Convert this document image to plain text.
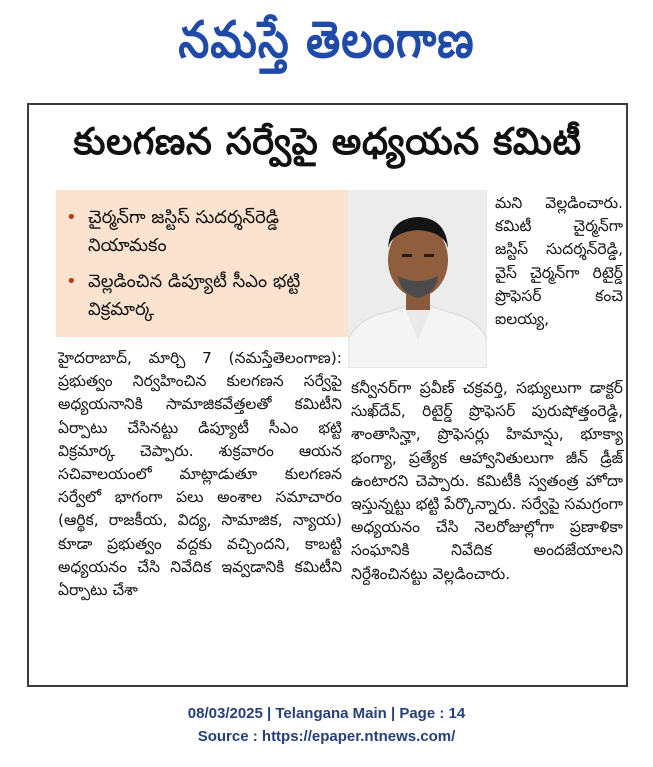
నమస్తే తెలంగాణ
కులగణన సర్వేపై అధ్యయన కమిటీ
• చైర్మన్‌గా జస్టిస్ సుదర్శన్‌రెడ్డి నియామకం
• వెల్లడించిన డిప్యూటీ సీఎం భట్టి విక్రమార్క
హైదరాబాద్, మార్చి 7 (నమస్తేతెలంగాణ): ప్రభుత్వం నిర్వహించిన కులగణన సర్వేపై అధ్యయనానికి సామాజికవేత్తలతో కమిటీని ఏర్పాటు చేసినట్టు డిప్యూటీ సీఎం భట్టి విక్రమార్క చెప్పారు. శుక్రవారం ఆయన సచివాలయంలో మాట్లాడుతూ కులగణన సర్వేలో భాగంగా పలు అంశాల సమాచారం (ఆర్థిక, రాజకీయ, విద్య, సామాజిక, న్యాయ) కూడా ప్రభుత్వం వద్దకు వచ్చిందని, కాబట్టి అధ్యయనం చేసి నివేదిక ఇవ్వడానికి కమిటీని ఏర్పాటు చేశా
మని వెల్లడించారు. కమిటీ చైర్మన్‌గా జస్టిస్ సుదర్శన్‌రెడ్డి, వైస్ చైర్మన్‌గా రిటైర్డ్ ప్రొఫెసర్ కంచె ఐలయ్య,
కన్వీనర్‌గా ప్రవీణ్ చక్రవర్తి, సభ్యులుగా డాక్టర్ సుఖ్‌దేవ్, రిటైర్డ్ ప్రొఫెసర్ పురుషోత్తంరెడ్డి, శాంతాసిన్హా, ప్రొఫెసర్లు హిమాన్షు, భూక్యా భంగ్యా, ప్రత్యేక ఆహ్వానితులుగా జీన్ డ్రీజ్ ఉంటారని చెప్పారు. కమిటీకి స్వతంత్ర హోదా ఇస్తున్నట్టు భట్టి పేర్కొన్నారు. సర్వేపై సమగ్రంగా అధ్యయనం చేసి నెలరోజుల్లోగా ప్రణాళికా సంఘానికి నివేదిక అందజేయాలని నిర్దేశించినట్టు వెల్లడించారు.
08/03/2025 | Telangana Main | Page : 14
Source : https://epaper.ntnews.com/
